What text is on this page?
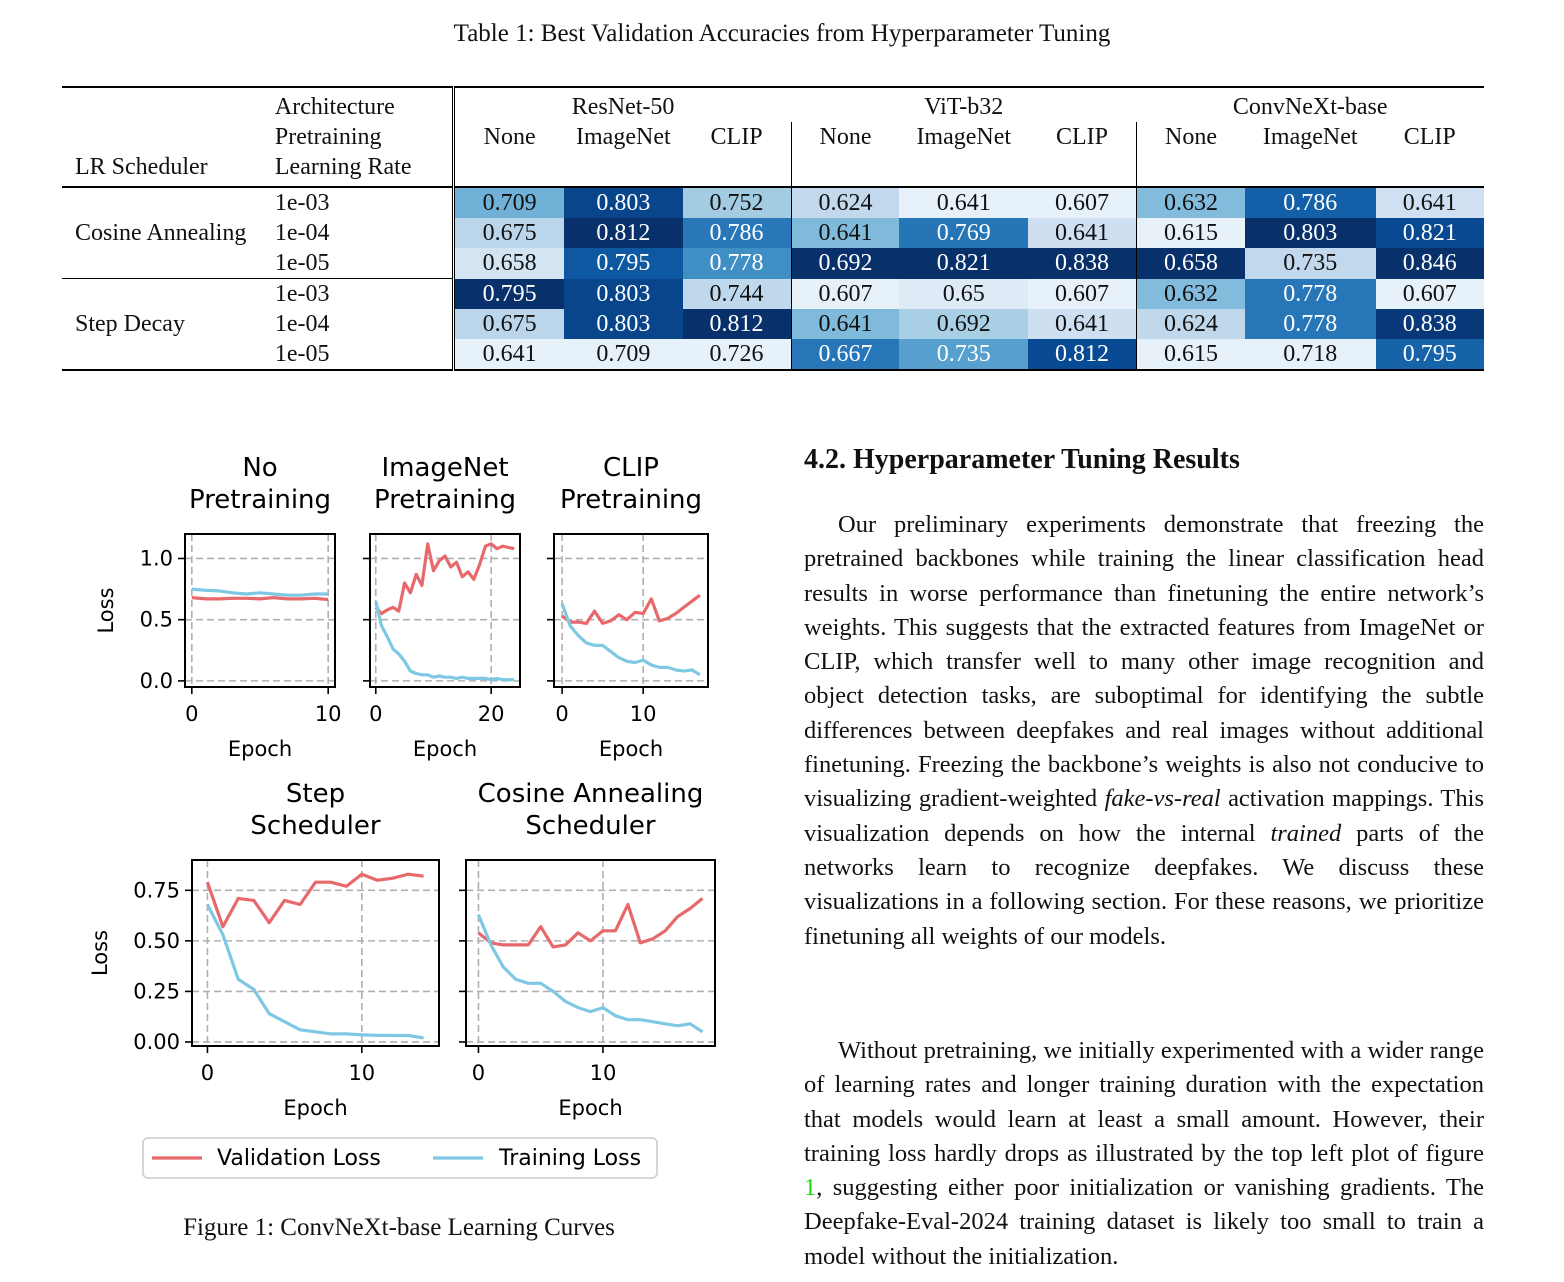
Table 1: Best Validation Accuracies from Hyperparameter Tuning
	Architecture	ResNet-50			ViT-b32			ConvNeXt-base		
	Pretraining	None	ImageNet	CLIP	None	ImageNet	CLIP	None	ImageNet	CLIP
LR Scheduler	Learning Rate									
	1e-03	0.709	0.803	0.752	0.624	0.641	0.607	0.632	0.786	0.641
Cosine Annealing	1e-04	0.675	0.812	0.786	0.641	0.769	0.641	0.615	0.803	0.821
	1e-05	0.658	0.795	0.778	0.692	0.821	0.838	0.658	0.735	0.846
	1e-03	0.795	0.803	0.744	0.607	0.65	0.607	0.632	0.778	0.607
Step Decay	1e-04	0.675	0.803	0.812	0.641	0.692	0.641	0.624	0.778	0.838
	1e-05	0.641	0.709	0.726	0.667	0.735	0.812	0.615	0.718	0.795
0	10
0.0
0.5
1.0
Epoch
Loss
No
Pretraining
0	20
Epoch
ImageNet
Pretraining
0	10
Epoch
CLIP
Pretraining
0	10
0.00
0.25
0.50
0.75
Epoch
Loss
Step
Scheduler
0	10
Epoch
Cosine Annealing
Scheduler
Validation Loss	Training Loss
Figure 1: ConvNeXt-base Learning Curves
4.2. Hyperparameter Tuning Results

Our preliminary experiments demonstrate that freezing the pretrained backbones while training the linear classification head results in worse performance than finetuning the entire network’s weights. This suggests that the extracted features from ImageNet or CLIP, which transfer well to many other image recognition and object detection tasks, are suboptimal for identifying the subtle differences between deepfakes and real images without additional finetuning. Freezing the backbone’s weights is also not conducive to visualizing gradient-weighted fake-vs-real activation mappings. This visualization depends on how the internal trained parts of the networks learn to recognize deepfakes. We discuss these visualizations in a following section. For these reasons, we prioritize finetuning all weights of our models.

Without pretraining, we initially experimented with a wider range of learning rates and longer training duration with the expectation that models would learn at least a small amount. However, their training loss hardly drops as illustrated by the top left plot of figure 1, suggesting either poor initialization or vanishing gradients. The Deepfake-Eval-2024 training dataset is likely too small to train a model without the initialization.
